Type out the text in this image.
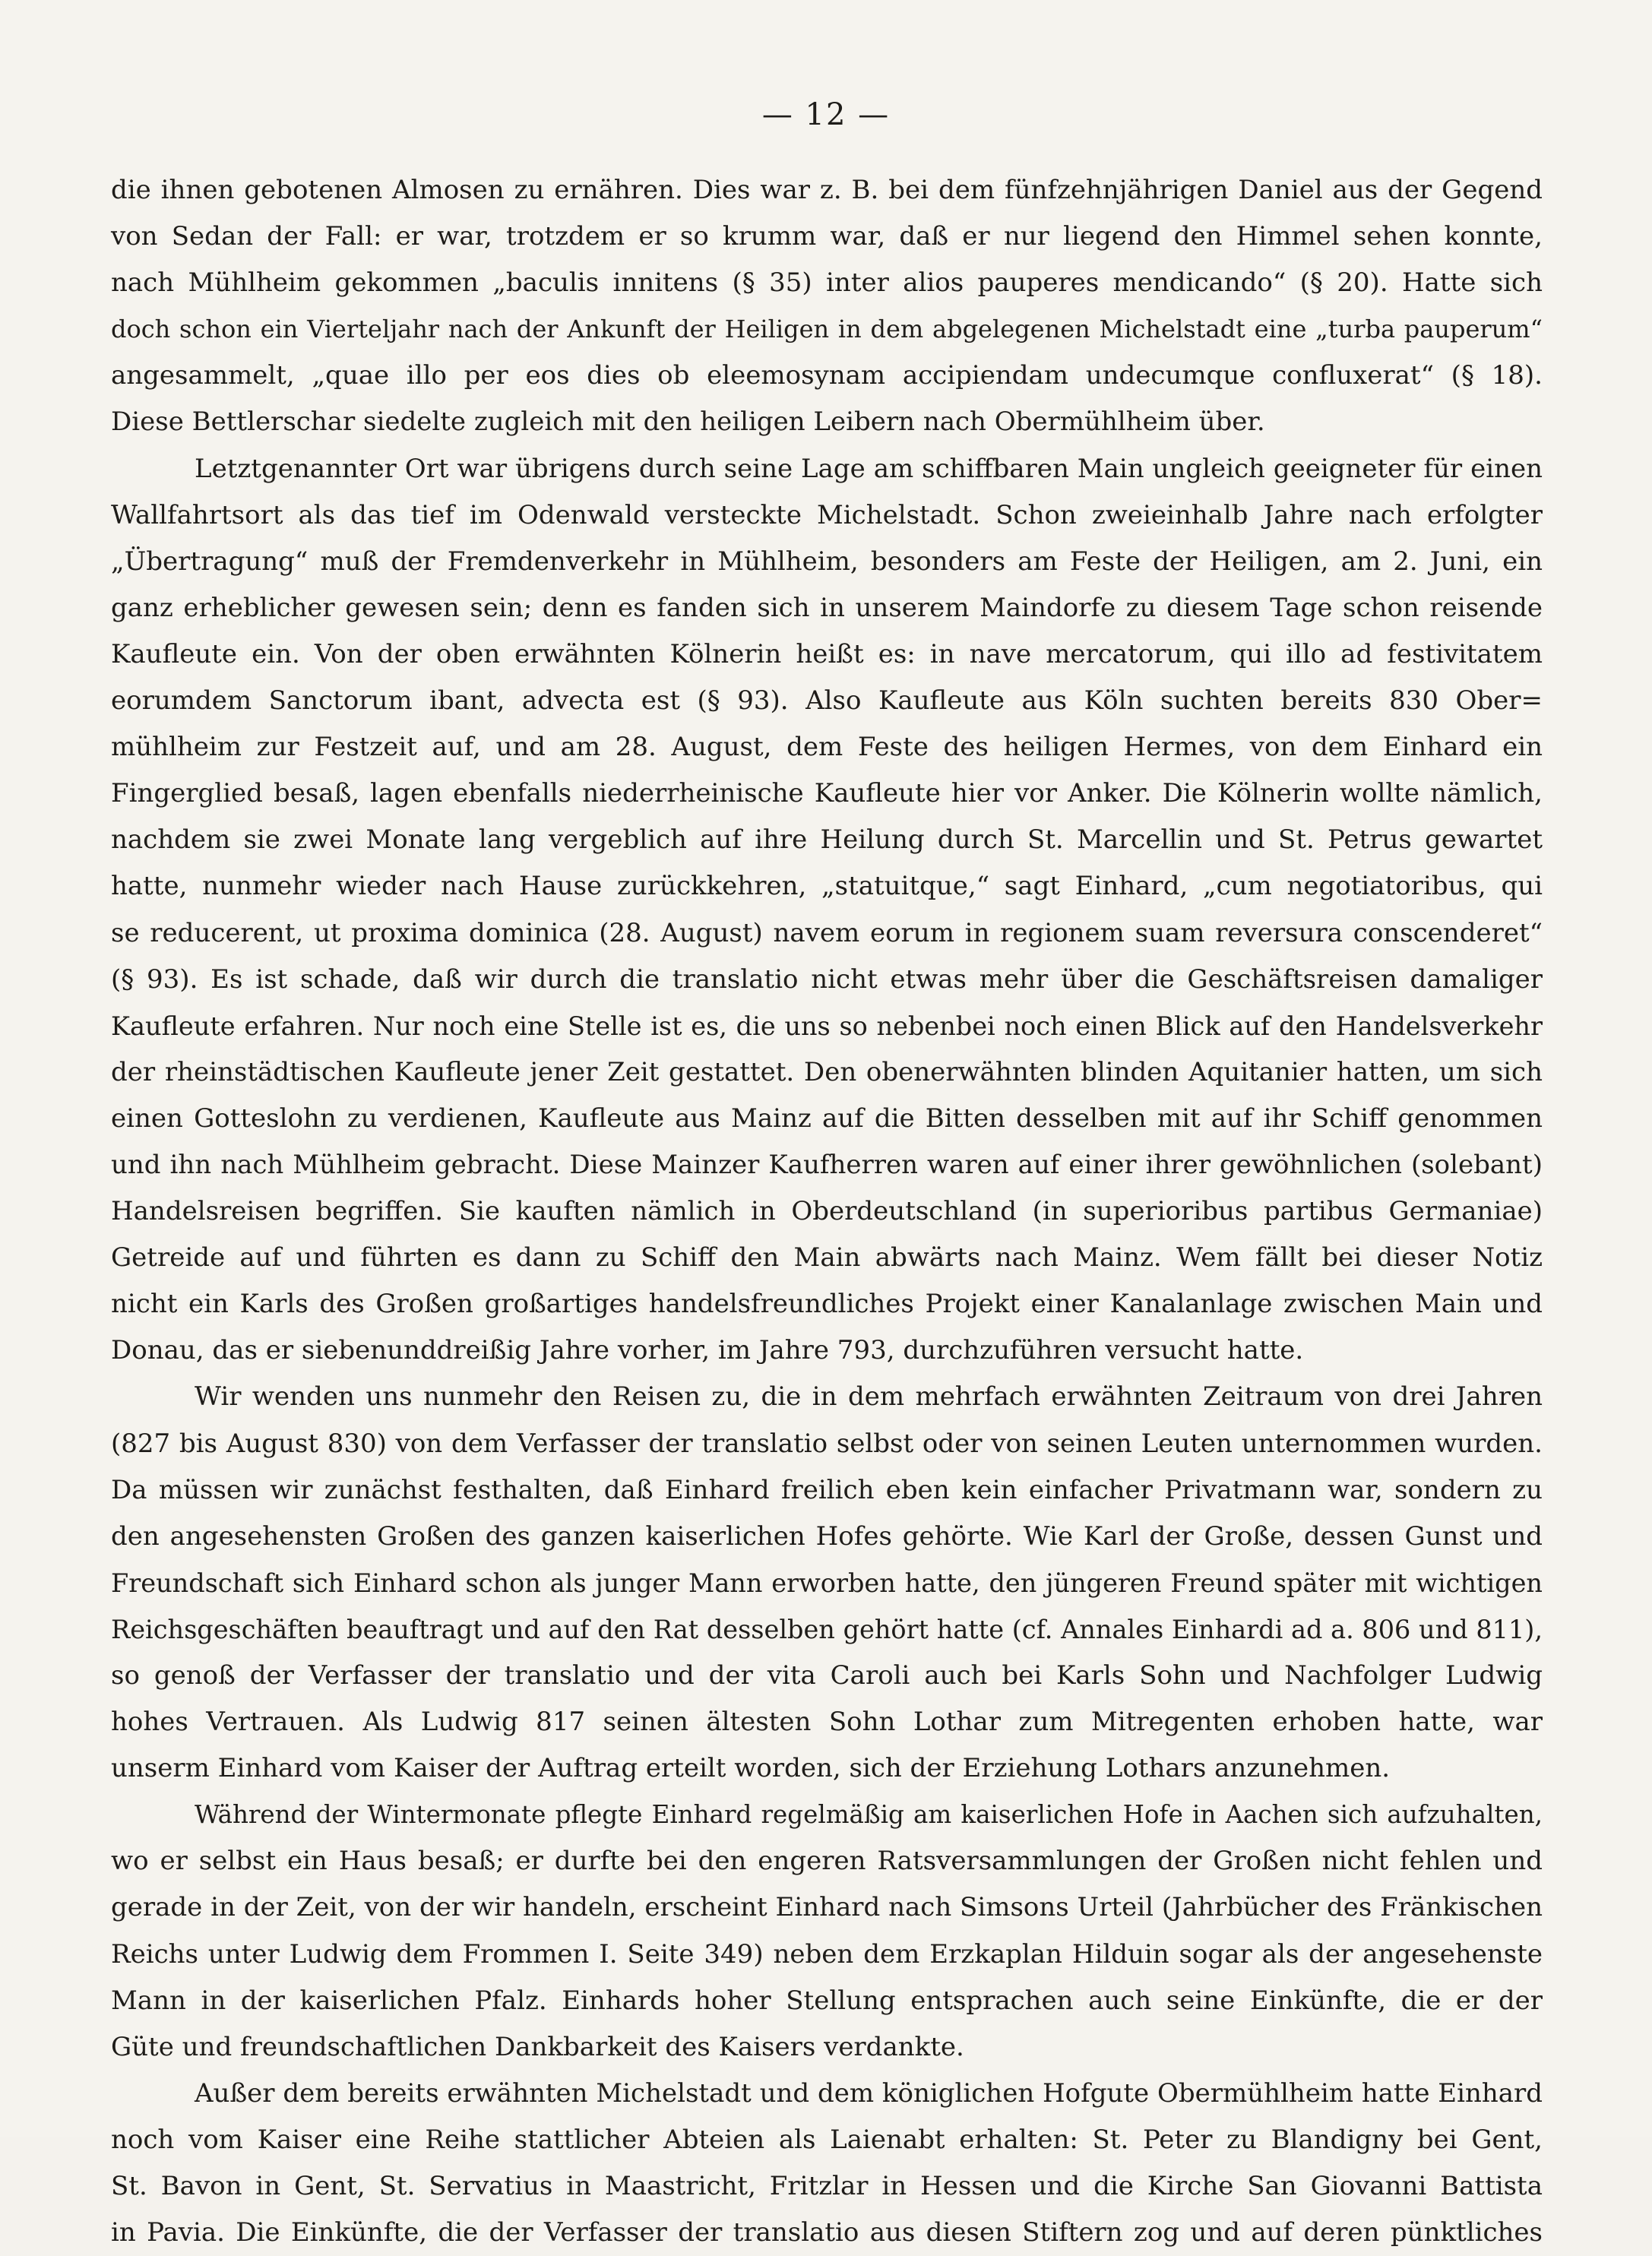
— 12 —
die ihnen gebotenen Almosen zu ernähren. Dies war z. B. bei dem fünfzehnjährigen Daniel aus der Gegend
von Sedan der Fall: er war, trotzdem er so krumm war, daß er nur liegend den Himmel sehen konnte,
nach Mühlheim gekommen „baculis innitens (§ 35) inter alios pauperes mendicando“ (§ 20). Hatte sich
doch schon ein Vierteljahr nach der Ankunft der Heiligen in dem abgelegenen Michelstadt eine „turba pauperum“
angesammelt, „quae illo per eos dies ob eleemosynam accipiendam undecumque confluxerat“ (§ 18).
Diese Bettlerschar siedelte zugleich mit den heiligen Leibern nach Obermühlheim über.
Letztgenannter Ort war übrigens durch seine Lage am schiffbaren Main ungleich geeigneter für einen
Wallfahrtsort als das tief im Odenwald versteckte Michelstadt. Schon zweieinhalb Jahre nach erfolgter
„Übertragung“ muß der Fremdenverkehr in Mühlheim, besonders am Feste der Heiligen, am 2. Juni, ein
ganz erheblicher gewesen sein; denn es fanden sich in unserem Maindorfe zu diesem Tage schon reisende
Kaufleute ein. Von der oben erwähnten Kölnerin heißt es: in nave mercatorum, qui illo ad festivitatem
eorumdem Sanctorum ibant, advecta est (§ 93). Also Kaufleute aus Köln suchten bereits 830 Ober=
mühlheim zur Festzeit auf, und am 28. August, dem Feste des heiligen Hermes, von dem Einhard ein
Fingerglied besaß, lagen ebenfalls niederrheinische Kaufleute hier vor Anker. Die Kölnerin wollte nämlich,
nachdem sie zwei Monate lang vergeblich auf ihre Heilung durch St. Marcellin und St. Petrus gewartet
hatte, nunmehr wieder nach Hause zurückkehren, „statuitque,“ sagt Einhard, „cum negotiatoribus, qui
se reducerent, ut proxima dominica (28. August) navem eorum in regionem suam reversura conscenderet“
(§ 93). Es ist schade, daß wir durch die translatio nicht etwas mehr über die Geschäftsreisen damaliger
Kaufleute erfahren. Nur noch eine Stelle ist es, die uns so nebenbei noch einen Blick auf den Handelsverkehr
der rheinstädtischen Kaufleute jener Zeit gestattet. Den obenerwähnten blinden Aquitanier hatten, um sich
einen Gotteslohn zu verdienen, Kaufleute aus Mainz auf die Bitten desselben mit auf ihr Schiff genommen
und ihn nach Mühlheim gebracht. Diese Mainzer Kaufherren waren auf einer ihrer gewöhnlichen (solebant)
Handelsreisen begriffen. Sie kauften nämlich in Oberdeutschland (in superioribus partibus Germaniae)
Getreide auf und führten es dann zu Schiff den Main abwärts nach Mainz. Wem fällt bei dieser Notiz
nicht ein Karls des Großen großartiges handelsfreundliches Projekt einer Kanalanlage zwischen Main und
Donau, das er siebenunddreißig Jahre vorher, im Jahre 793, durchzuführen versucht hatte.
Wir wenden uns nunmehr den Reisen zu, die in dem mehrfach erwähnten Zeitraum von drei Jahren
(827 bis August 830) von dem Verfasser der translatio selbst oder von seinen Leuten unternommen wurden.
Da müssen wir zunächst festhalten, daß Einhard freilich eben kein einfacher Privatmann war, sondern zu
den angesehensten Großen des ganzen kaiserlichen Hofes gehörte. Wie Karl der Große, dessen Gunst und
Freundschaft sich Einhard schon als junger Mann erworben hatte, den jüngeren Freund später mit wichtigen
Reichsgeschäften beauftragt und auf den Rat desselben gehört hatte (cf. Annales Einhardi ad a. 806 und 811),
so genoß der Verfasser der translatio und der vita Caroli auch bei Karls Sohn und Nachfolger Ludwig
hohes Vertrauen. Als Ludwig 817 seinen ältesten Sohn Lothar zum Mitregenten erhoben hatte, war
unserm Einhard vom Kaiser der Auftrag erteilt worden, sich der Erziehung Lothars anzunehmen.
Während der Wintermonate pflegte Einhard regelmäßig am kaiserlichen Hofe in Aachen sich aufzuhalten,
wo er selbst ein Haus besaß; er durfte bei den engeren Ratsversammlungen der Großen nicht fehlen und
gerade in der Zeit, von der wir handeln, erscheint Einhard nach Simsons Urteil (Jahrbücher des Fränkischen
Reichs unter Ludwig dem Frommen I. Seite 349) neben dem Erzkaplan Hilduin sogar als der angesehenste
Mann in der kaiserlichen Pfalz. Einhards hoher Stellung entsprachen auch seine Einkünfte, die er der
Güte und freundschaftlichen Dankbarkeit des Kaisers verdankte.
Außer dem bereits erwähnten Michelstadt und dem königlichen Hofgute Obermühlheim hatte Einhard
noch vom Kaiser eine Reihe stattlicher Abteien als Laienabt erhalten: St. Peter zu Blandigny bei Gent,
St. Bavon in Gent, St. Servatius in Maastricht, Fritzlar in Hessen und die Kirche San Giovanni Battista
in Pavia. Die Einkünfte, die der Verfasser der translatio aus diesen Stiftern zog und auf deren pünktliches
